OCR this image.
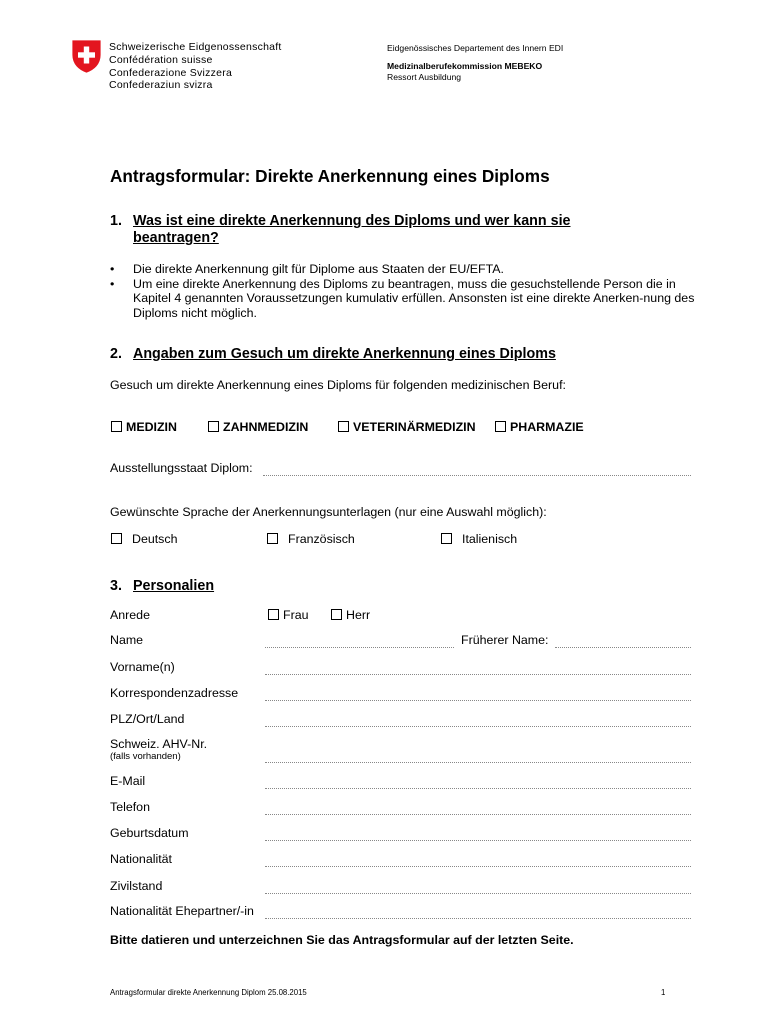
Schweizerische Eidgenossenschaft
Confédération suisse
Confederazione Svizzera
Confederaziun svizra
Eidgenössisches Departement des Innern EDI
Medizinalberufekommission MEBEKO
Ressort Ausbildung
Antragsformular: Direkte Anerkennung eines Diploms
1. Was ist eine direkte Anerkennung des Diploms und wer kann sie
beantragen?
• Die direkte Anerkennung gilt für Diplome aus Staaten der EU/EFTA.
• Um eine direkte Anerkennung des Diploms zu beantragen, muss die gesuchstellende Person die in Kapitel 4 genannten Voraussetzungen kumulativ erfüllen. Ansonsten ist eine direkte Anerken-nung des Diploms nicht möglich.
2. Angaben zum Gesuch um direkte Anerkennung eines Diploms
Gesuch um direkte Anerkennung eines Diploms für folgenden medizinischen Beruf:
MEDIZIN	ZAHNMEDIZIN	VETERINÄRMEDIZIN	PHARMAZIE
Ausstellungsstaat Diplom:
Gewünschte Sprache der Anerkennungsunterlagen (nur eine Auswahl möglich):
Deutsch	Französisch	Italienisch
3. Personalien
Anrede	Frau	Herr
Name	Früherer Name:
Vorname(n)
Korrespondenzadresse
PLZ/Ort/Land
Schweiz. AHV-Nr.
(falls vorhanden)
E-Mail
Telefon
Geburtsdatum
Nationalität
Zivilstand
Nationalität Ehepartner/-in
Bitte datieren und unterzeichnen Sie das Antragsformular auf der letzten Seite.
Antragsformular direkte Anerkennung Diplom 25.08.2015	1
